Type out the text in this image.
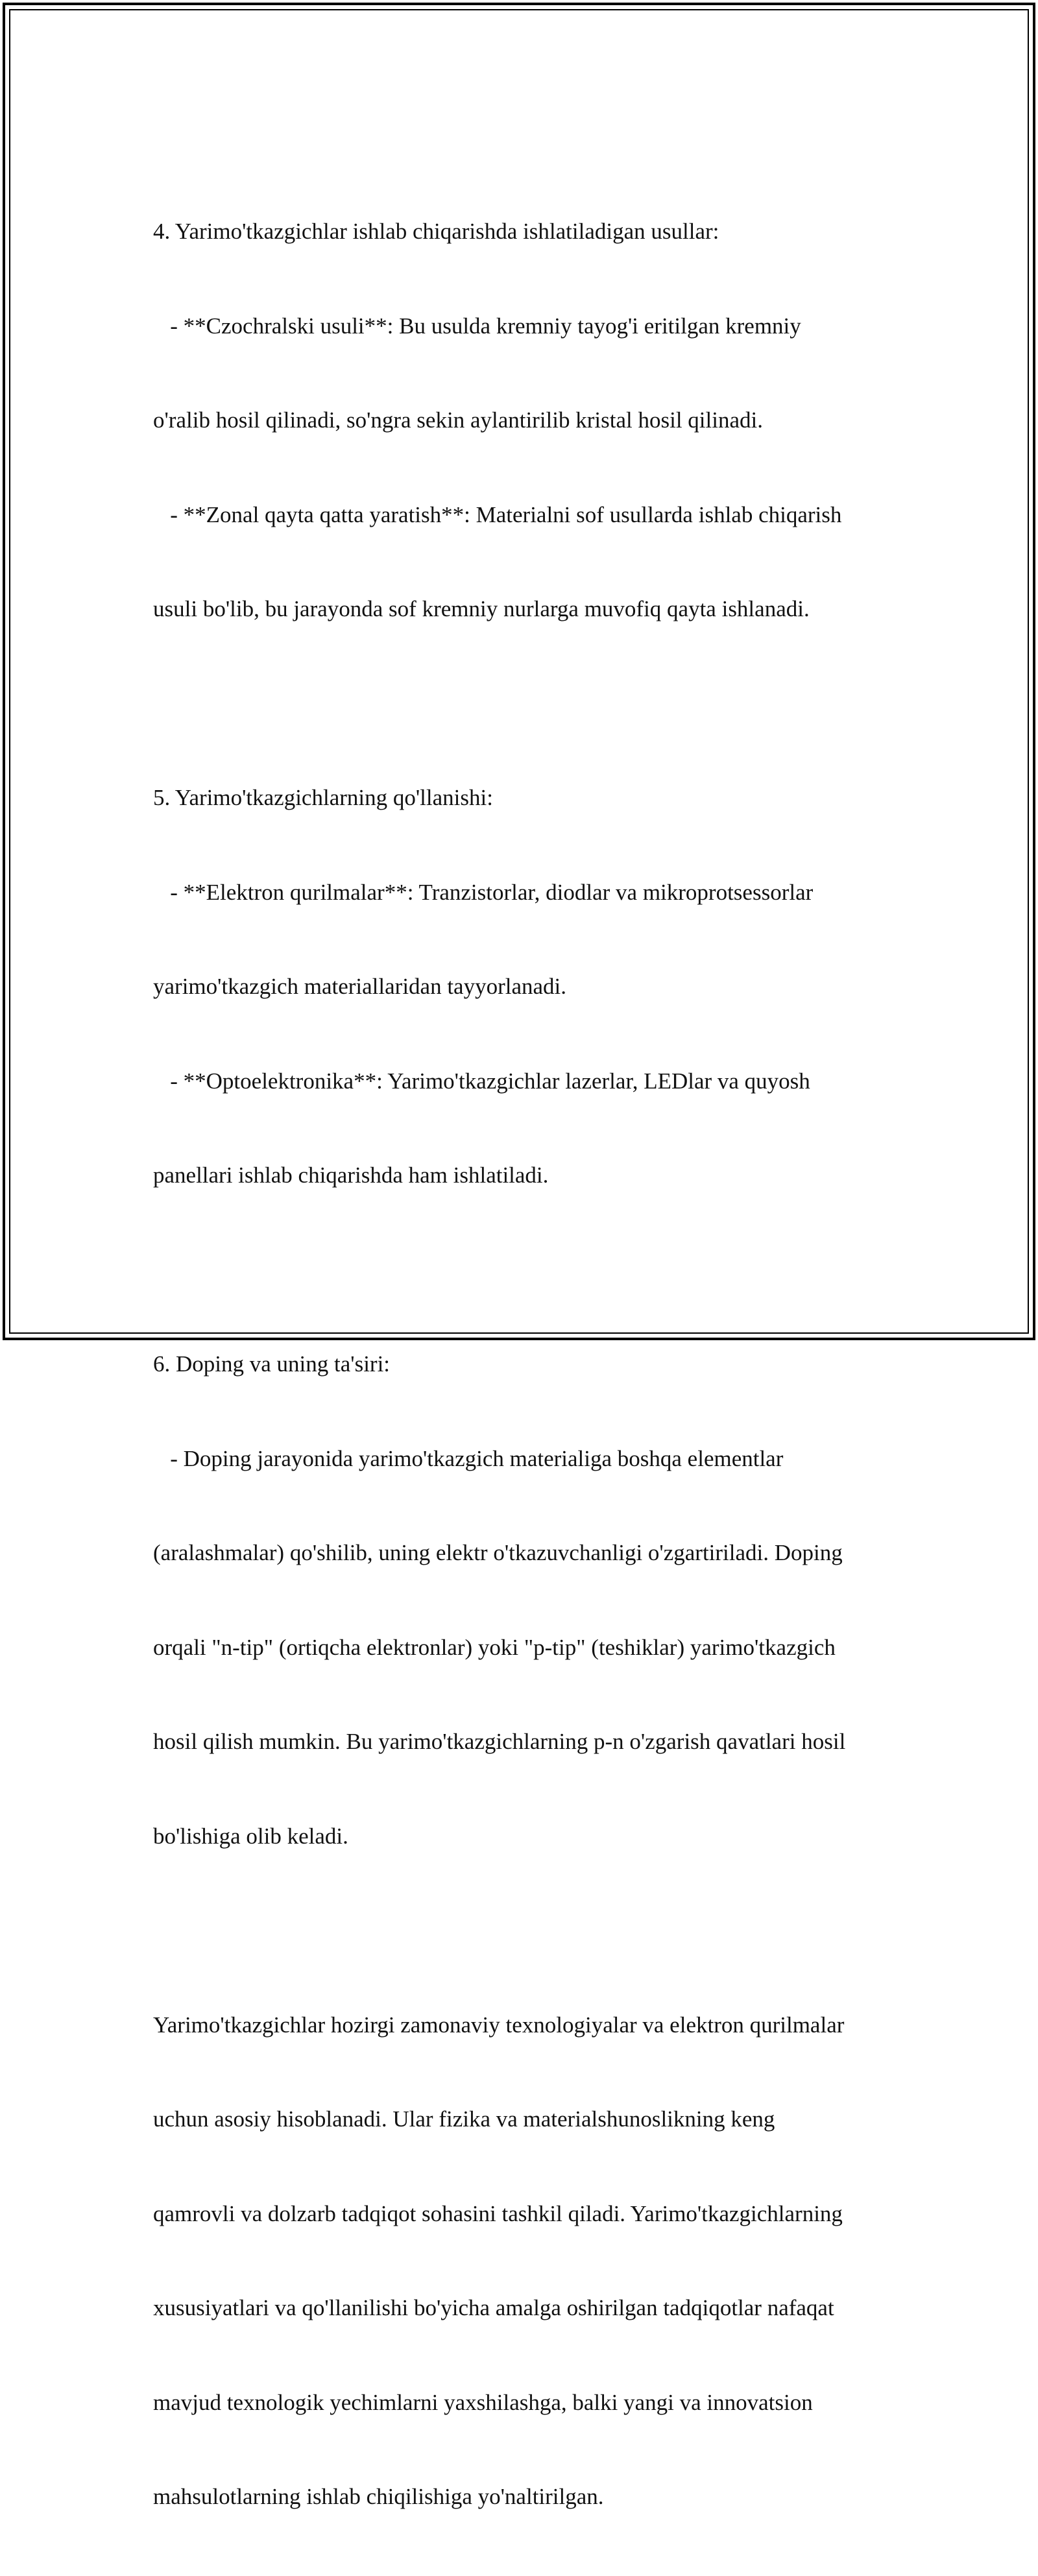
4. Yarimo'tkazgichlar ishlab chiqarishda ishlatiladigan usullar:

- **Czochralski usuli**: Bu usulda kremniy tayog'i eritilgan kremniy

o'ralib hosil qilinadi, so'ngra sekin aylantirilib kristal hosil qilinadi.

- **Zonal qayta qatta yaratish**: Materialni sof usullarda ishlab chiqarish

usuli bo'lib, bu jarayonda sof kremniy nurlarga muvofiq qayta ishlanadi.

5. Yarimo'tkazgichlarning qo'llanishi:

- **Elektron qurilmalar**: Tranzistorlar, diodlar va mikroprotsessorlar

yarimo'tkazgich materiallaridan tayyorlanadi.

- **Optoelektronika**: Yarimo'tkazgichlar lazerlar, LEDlar va quyosh

panellari ishlab chiqarishda ham ishlatiladi.

6. Doping va uning ta'siri:

- Doping jarayonida yarimo'tkazgich materialiga boshqa elementlar

(aralashmalar) qo'shilib, uning elektr o'tkazuvchanligi o'zgartiriladi. Doping

orqali "n-tip" (ortiqcha elektronlar) yoki "p-tip" (teshiklar) yarimo'tkazgich

hosil qilish mumkin. Bu yarimo'tkazgichlarning p-n o'zgarish qavatlari hosil

bo'lishiga olib keladi.

Yarimo'tkazgichlar hozirgi zamonaviy texnologiyalar va elektron qurilmalar

uchun asosiy hisoblanadi. Ular fizika va materialshunoslikning keng

qamrovli va dolzarb tadqiqot sohasini tashkil qiladi. Yarimo'tkazgichlarning

xususiyatlari va qo'llanilishi bo'yicha amalga oshirilgan tadqiqotlar nafaqat

mavjud texnologik yechimlarni yaxshilashga, balki yangi va innovatsion

mahsulotlarning ishlab chiqilishiga yo'naltirilgan.
